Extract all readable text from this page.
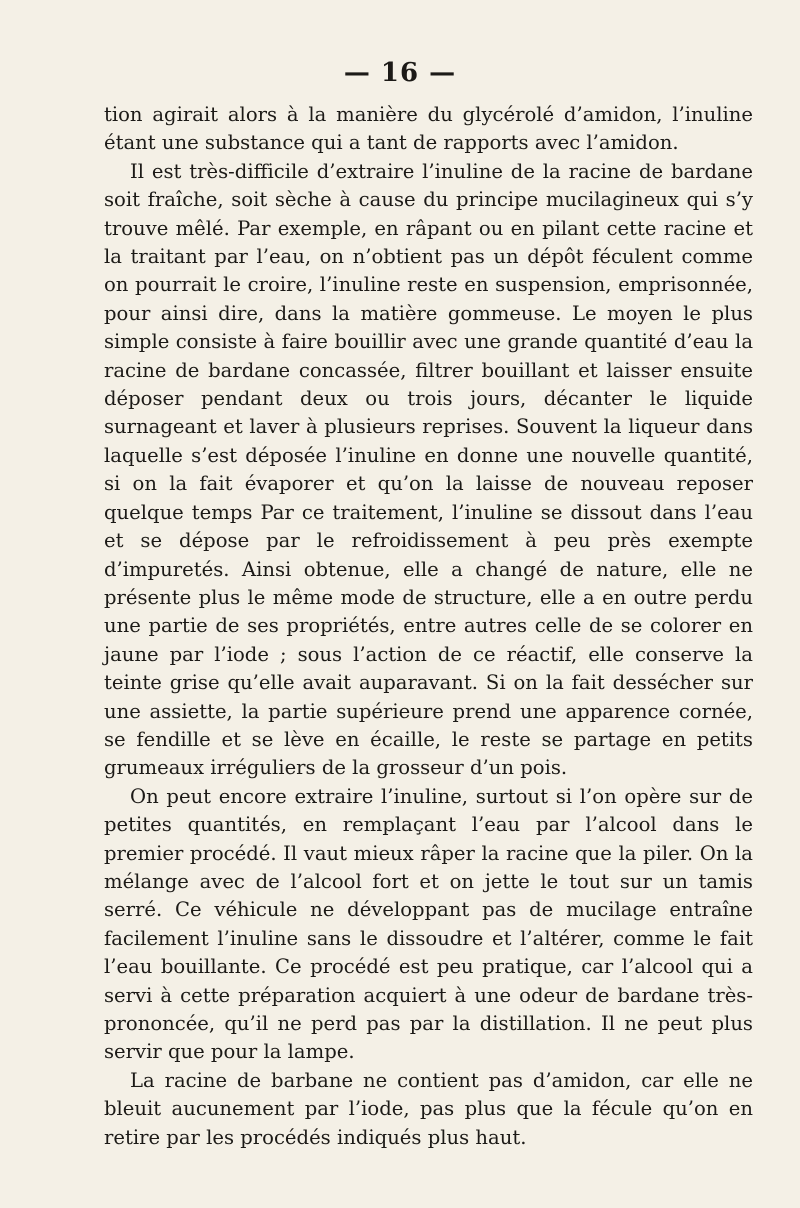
— 16 —

tion agirait alors à la manière du glycérolé d’amidon, l’inuline étant une substance qui a tant de rapports avec l’amidon.

Il est très-difficile d’extraire l’inuline de la racine de bardane soit fraîche, soit sèche à cause du principe mucilagineux qui s’y trouve mêlé. Par exemple, en râpant ou en pilant cette racine et la traitant par l’eau, on n’obtient pas un dépôt féculent comme on pourrait le croire, l’inuline reste en suspension, emprisonnée, pour ainsi dire, dans la matière gommeuse. Le moyen le plus simple consiste à faire bouillir avec une grande quantité d’eau la racine de bardane concassée, filtrer bouillant et laisser ensuite déposer pendant deux ou trois jours, décanter le liquide surnageant et laver à plusieurs reprises. Souvent la liqueur dans laquelle s’est déposée l’inuline en donne une nouvelle quantité, si on la fait évaporer et qu’on la laisse de nouveau reposer quelque temps Par ce traitement, l’inuline se dissout dans l’eau et se dépose par le refroidissement à peu près exempte d’impuretés. Ainsi obtenue, elle a changé de nature, elle ne présente plus le même mode de structure, elle a en outre perdu une partie de ses propriétés, entre autres celle de se colorer en jaune par l’iode ; sous l’action de ce réactif, elle conserve la teinte grise qu’elle avait auparavant. Si on la fait dessécher sur une assiette, la partie supérieure prend une apparence cornée, se fendille et se lève en écaille, le reste se partage en petits grumeaux irréguliers de la grosseur d’un pois.

On peut encore extraire l’inuline, surtout si l’on opère sur de petites quantités, en remplaçant l’eau par l’alcool dans le premier procédé. Il vaut mieux râper la racine que la piler. On la mélange avec de l’alcool fort et on jette le tout sur un tamis serré. Ce véhicule ne développant pas de mucilage entraîne facilement l’inuline sans le dissoudre et l’altérer, comme le fait l’eau bouillante. Ce procédé est peu pratique, car l’alcool qui a servi à cette préparation acquiert à une odeur de bardane très-prononcée, qu’il ne perd pas par la distillation. Il ne peut plus servir que pour la lampe.

La racine de barbane ne contient pas d’amidon, car elle ne bleuit aucunement par l’iode, pas plus que la fécule qu’on en retire par les procédés indiqués plus haut.
